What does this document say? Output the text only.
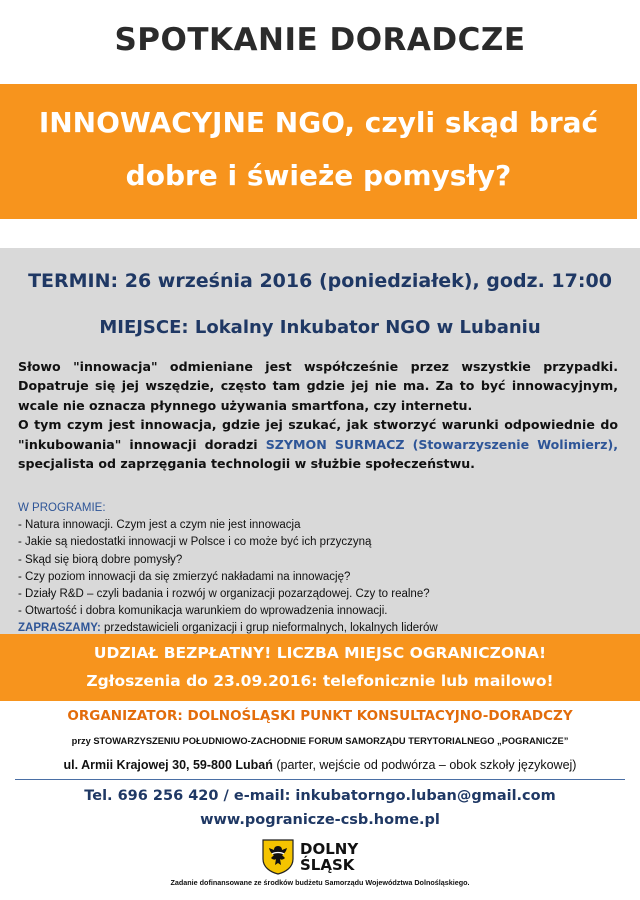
SPOTKANIE DORADCZE
INNOWACYJNE NGO, czyli skąd brać
dobre i świeże pomysły?
TERMIN: 26 września 2016 (poniedziałek), godz. 17:00
MIEJSCE: Lokalny Inkubator NGO w Lubaniu
Słowo "innowacja" odmieniane jest współcześnie przez wszystkie przypadki. Dopatruje się jej wszędzie, często tam gdzie jej nie ma. Za to być innowacyjnym, wcale nie oznacza płynnego używania smartfona, czy internetu.
O tym czym jest innowacja, gdzie jej szukać, jak stworzyć warunki odpowiednie do "inkubowania" innowacji doradzi SZYMON SURMACZ (Stowarzyszenie Wolimierz), specjalista od zaprzęgania technologii w służbie społeczeństwu.
W PROGRAMIE:
- Natura innowacji. Czym jest a czym nie jest innowacja
- Jakie są niedostatki innowacji w Polsce i co może być ich przyczyną
- Skąd się biorą dobre pomysły?
- Czy poziom innowacji da się zmierzyć nakładami na innowację?
- Działy R&D – czyli badania i rozwój w organizacji pozarządowej. Czy to realne?
- Otwartość i dobra komunikacja warunkiem do wprowadzenia innowacji.
ZAPRASZAMY: przedstawicieli organizacji i grup nieformalnych, lokalnych liderów
UDZIAŁ BEZPŁATNY! LICZBA MIEJSC OGRANICZONA!
Zgłoszenia do 23.09.2016: telefonicznie lub mailowo!
ORGANIZATOR: DOLNOŚLĄSKI PUNKT KONSULTACYJNO-DORADCZY
przy STOWARZYSZENIU POŁUDNIOWO-ZACHODNIE FORUM SAMORZĄDU TERYTORIALNEGO „POGRANICZE”
ul. Armii Krajowej 30, 59-800 Lubań (parter, wejście od podwórza – obok szkoły językowej)
Tel. 696 256 420 / e-mail: inkubatorngo.luban@gmail.com
www.pogranicze-csb.home.pl
DOLNY
ŚLĄSK
Zadanie dofinansowane ze środków budżetu Samorządu Województwa Dolnośląskiego.
